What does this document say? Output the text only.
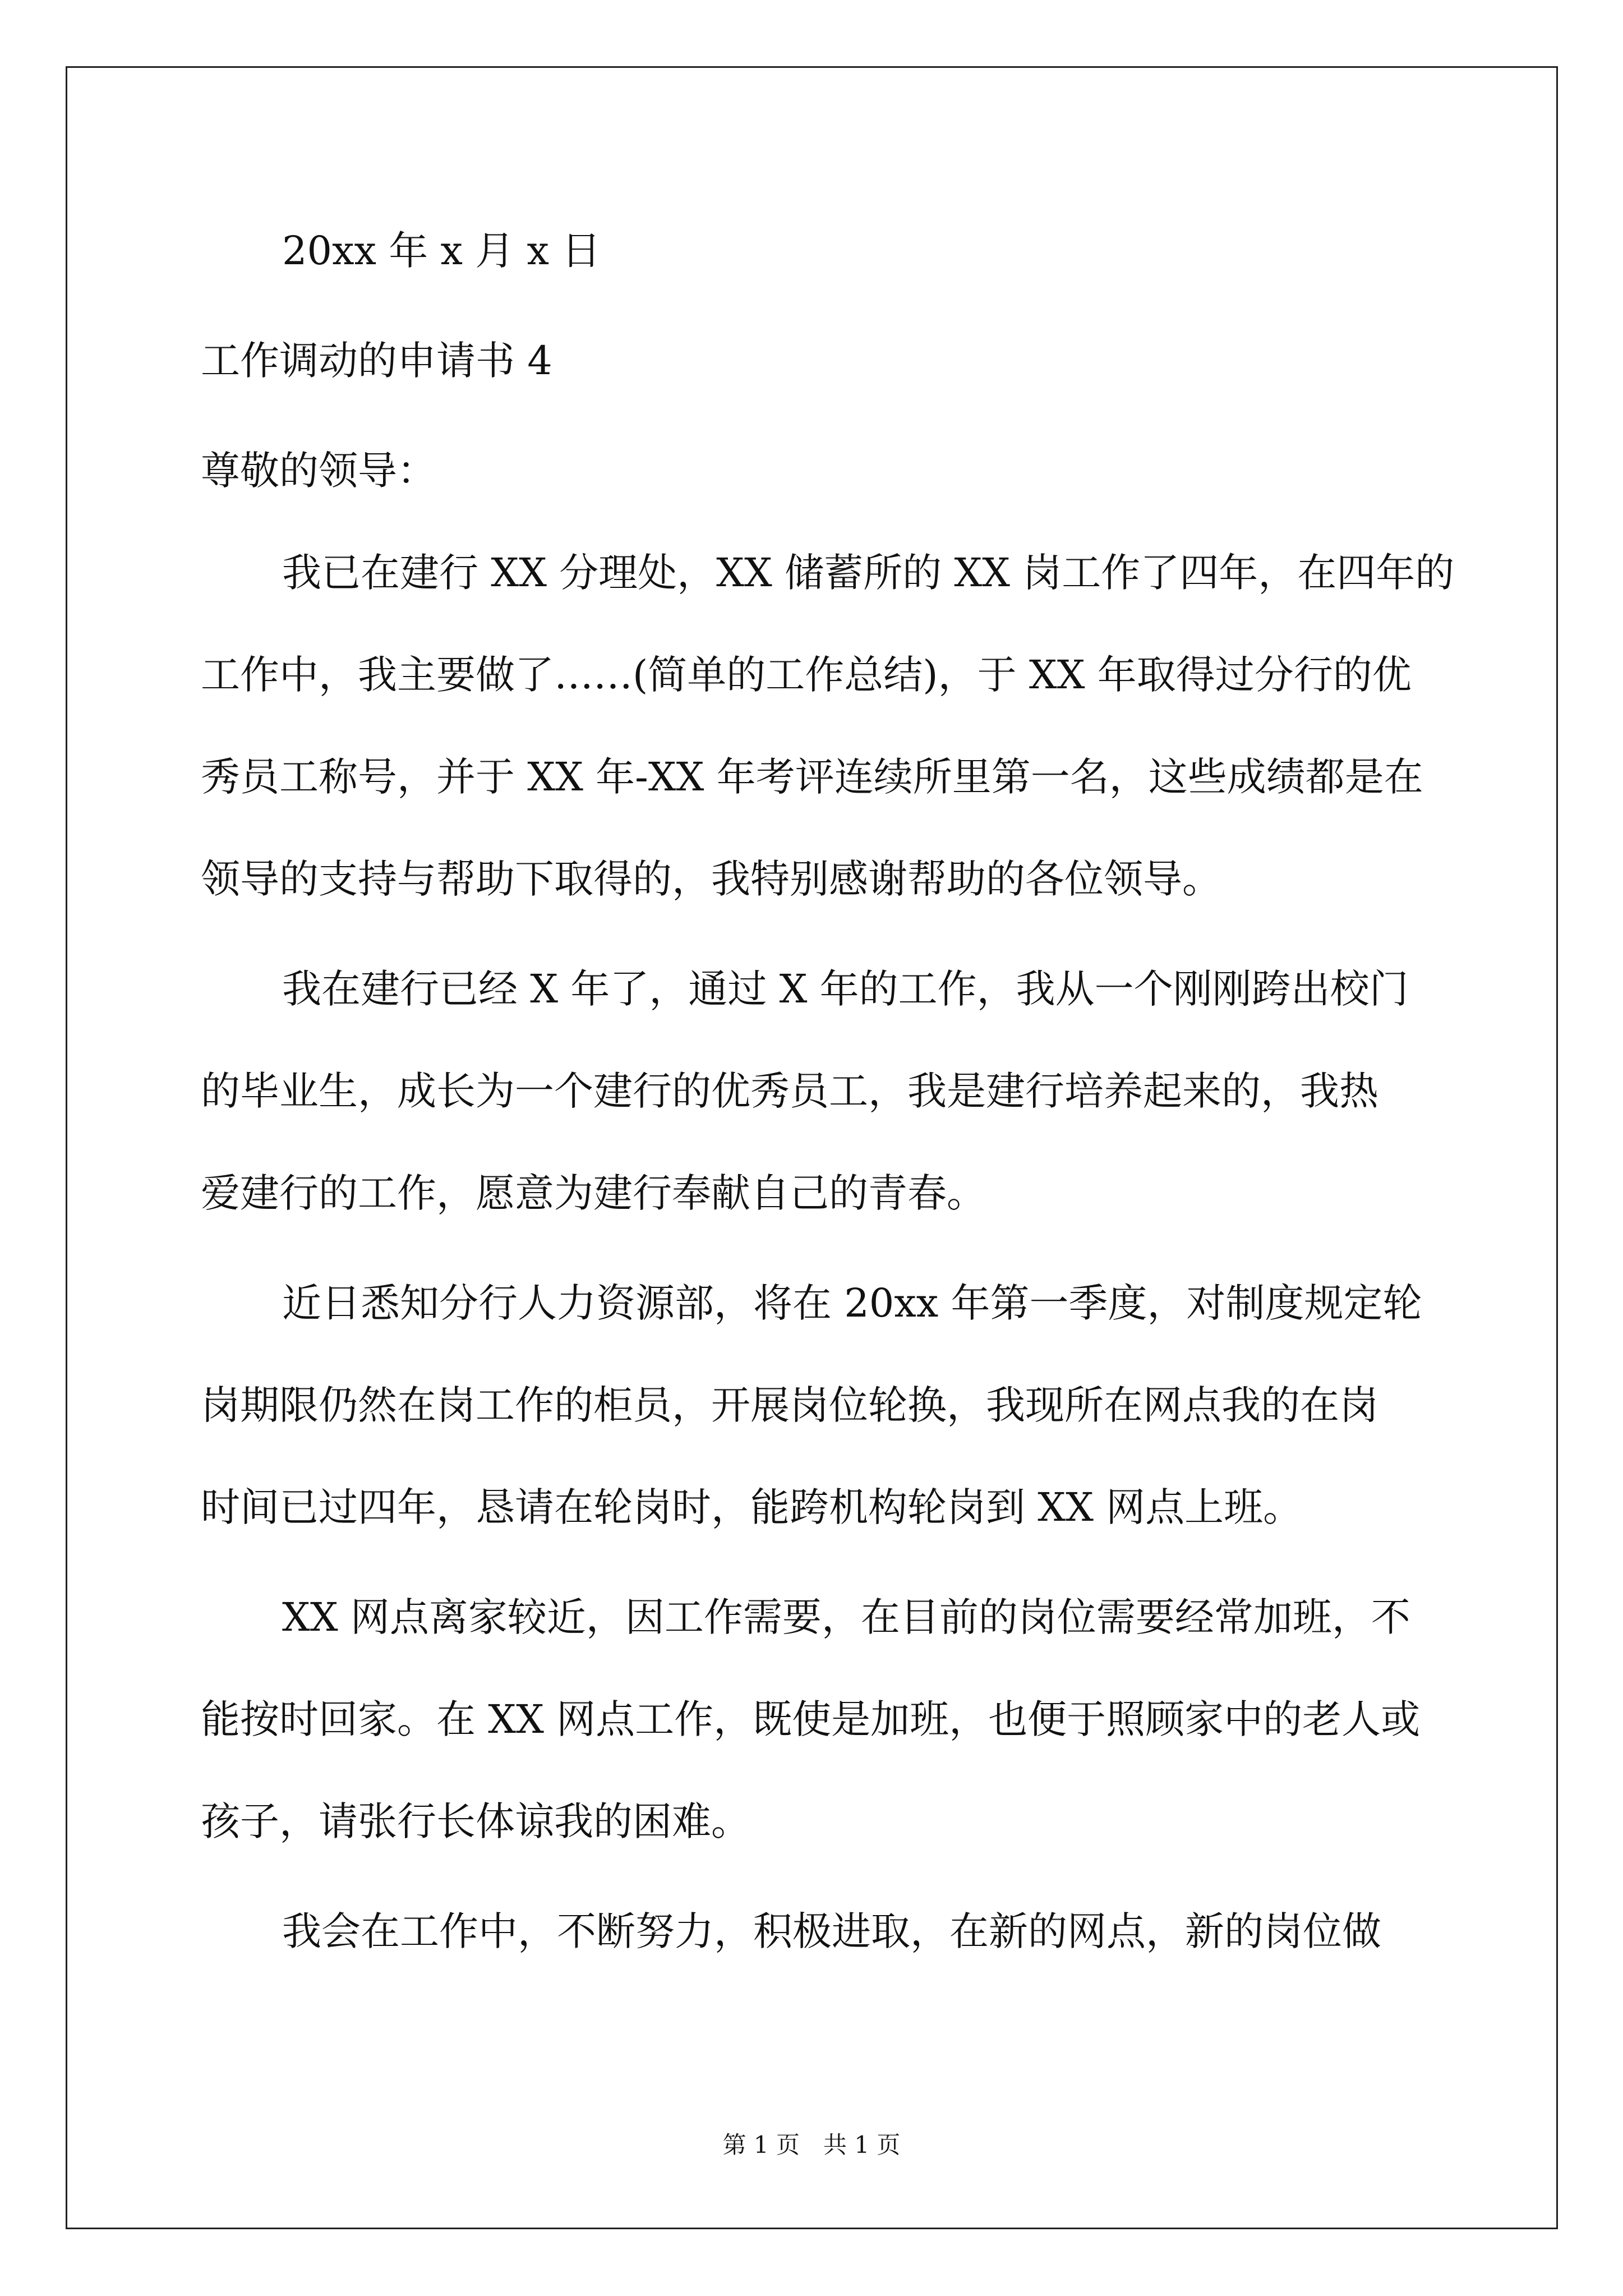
20xx 年 x 月 x 日
工作调动的申请书 4
尊敬的领导：
我已在建行 XX 分理处，XX 储蓄所的 XX 岗工作了四年，在四年的
工作中，我主要做了……(简单的工作总结)，于 XX 年取得过分行的优
秀员工称号，并于 XX 年-XX 年考评连续所里第一名，这些成绩都是在
领导的支持与帮助下取得的，我特别感谢帮助的各位领导。
我在建行已经 X 年了，通过 X 年的工作，我从一个刚刚跨出校门
的毕业生，成长为一个建行的优秀员工，我是建行培养起来的，我热
爱建行的工作，愿意为建行奉献自己的青春。
近日悉知分行人力资源部，将在 20xx 年第一季度，对制度规定轮
岗期限仍然在岗工作的柜员，开展岗位轮换，我现所在网点我的在岗
时间已过四年，恳请在轮岗时，能跨机构轮岗到 XX 网点上班。
XX 网点离家较近，因工作需要，在目前的岗位需要经常加班，不
能按时回家。在 XX 网点工作，既使是加班，也便于照顾家中的老人或
孩子，请张行长体谅我的困难。
我会在工作中，不断努力，积极进取，在新的网点，新的岗位做
第 1 页　共 1 页
